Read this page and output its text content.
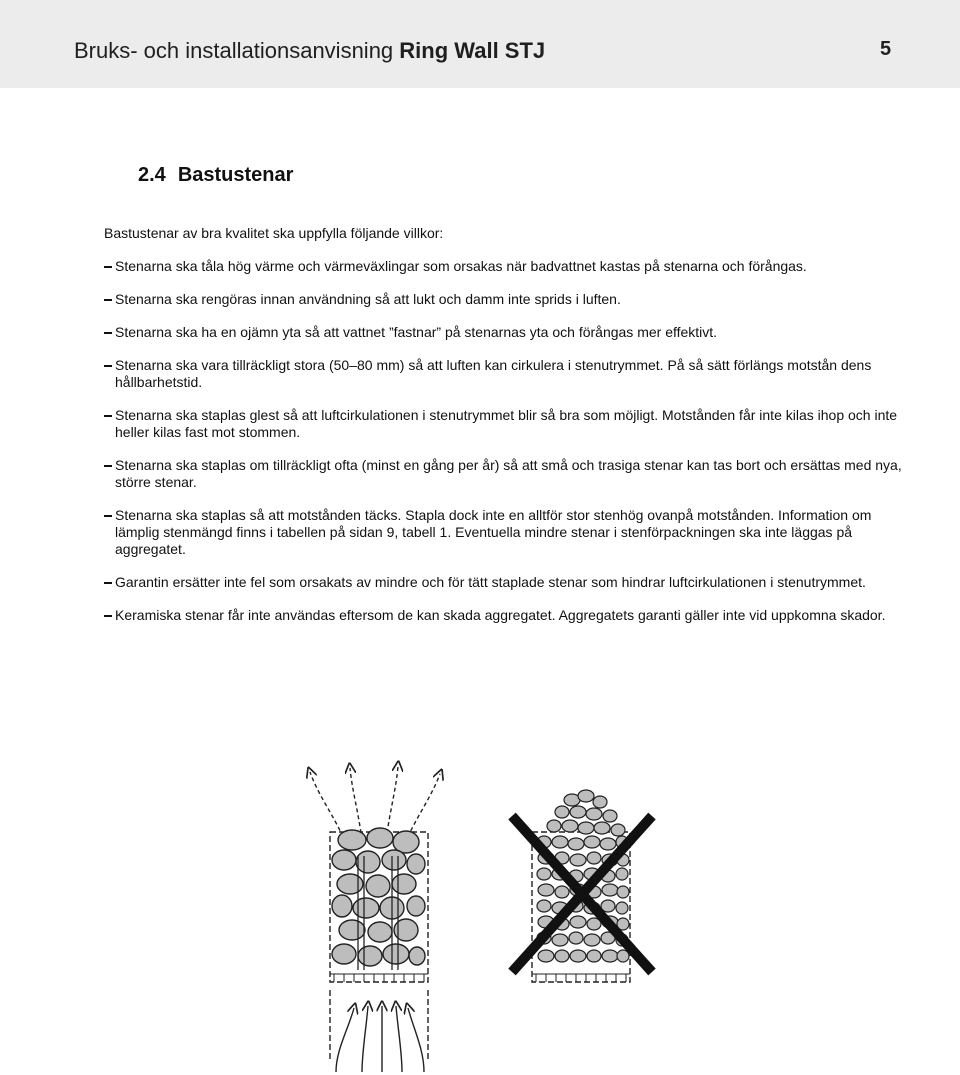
Bruks- och installationsanvisning Ring Wall STJ	5
2.4 Bastustenar
Bastustenar av bra kvalitet ska uppfylla följande villkor:
Stenarna ska tåla hög värme och värmeväxlingar som orsakas när badvattnet kastas på stenarna och förångas.
Stenarna ska rengöras innan användning så att lukt och damm inte sprids i luften.
Stenarna ska ha en ojämn yta så att vattnet ”fastnar” på stenarnas yta och förångas mer effektivt.
Stenarna ska vara tillräckligt stora (50–80 mm) så att luften kan cirkulera i stenutrymmet. På så sätt förlängs motstån dens hållbarhetstid.
Stenarna ska staplas glest så att luftcirkulationen i stenutrymmet blir så bra som möjligt. Motstånden får inte kilas ihop och inte heller kilas fast mot stommen.
Stenarna ska staplas om tillräckligt ofta (minst en gång per år) så att små och trasiga stenar kan tas bort och ersättas med nya, större stenar.
Stenarna ska staplas så att motstånden täcks. Stapla dock inte en alltför stor stenhög ovanpå motstånden. Information om lämplig stenmängd finns i tabellen på sidan 9, tabell 1. Eventuella mindre stenar i stenförpackningen ska inte läggas på aggregatet.
Garantin ersätter inte fel som orsakats av mindre och för tätt staplade stenar som hindrar luftcirkulationen i stenutrymmet.
Keramiska stenar får inte användas eftersom de kan skada aggregatet. Aggregatets garanti gäller inte vid uppkomna skador.
